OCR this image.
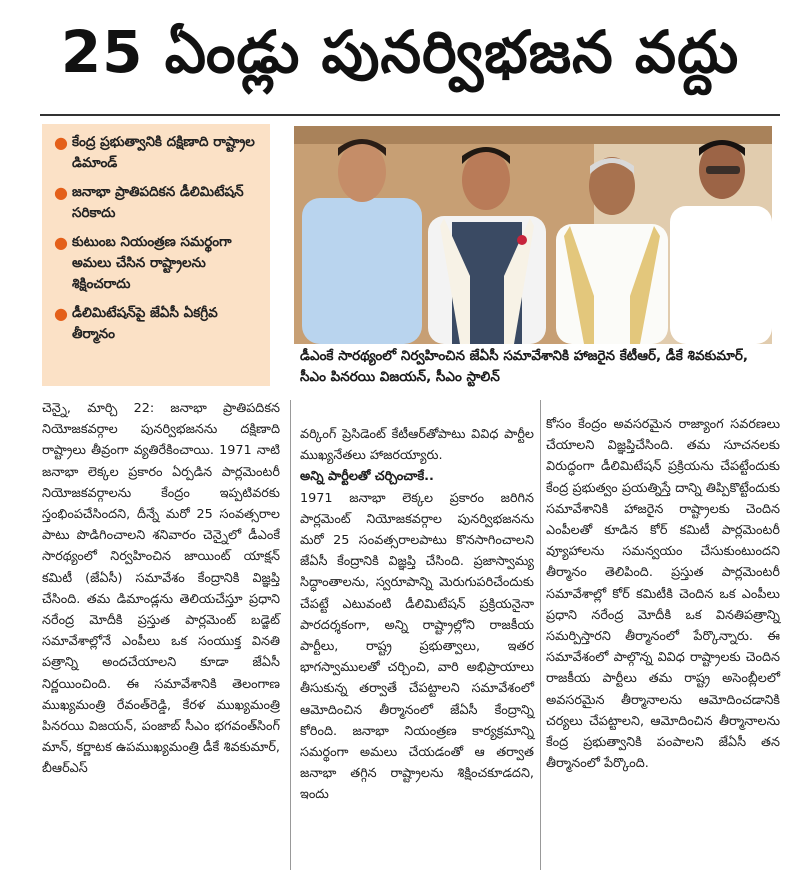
25 ఏండ్లు పునర్విభజన వద్దు
● కేంద్ర ప్రభుత్వానికి దక్షిణాది రాష్ట్రాల డిమాండ్
● జనాభా ప్రాతిపదికన డీలిమిటేషన్ సరికాదు
● కుటుంబ నియంత్రణ సమర్థంగా అమలు చేసిన రాష్ట్రాలను శిక్షించరాదు
● డీలిమిటేషన్‌పై జేఏసీ ఏకగ్రీవ తీర్మానం
డీఎంకే సారథ్యంలో నిర్వహించిన జేఏసీ సమావేశానికి హాజరైన కేటీఆర్, డీకే శివకుమార్, సీఎం పినరయి విజయన్, సీఎం స్టాలిన్

చెన్నై, మార్చి 22: జనాభా ప్రాతిపదికన నియోజకవర్గాల పునర్విభజనను దక్షిణాది రాష్ట్రాలు తీవ్రంగా వ్యతిరేకించాయి. 1971 నాటి జనాభా లెక్కల ప్రకారం ఏర్పడిన పార్లమెంటరీ నియోజకవర్గాలను కేంద్రం ఇప్పటివరకు స్తంభింపచేసిందని, దీన్నే మరో 25 సంవత్సరాల పాటు పొడిగించాలని శనివారం చెన్నైలో డీఎంకే సారథ్యంలో నిర్వహించిన జాయింట్ యాక్షన్ కమిటీ (జేఏసీ) సమావేశం కేంద్రానికి విజ్ఞప్తి చేసింది. తమ డిమాండ్లను తెలియచేస్తూ ప్రధాని నరేంద్ర మోదీకి ప్రస్తుత పార్లమెంట్ బడ్జెట్ సమావేశాల్లోనే ఎంపీలు ఒక సంయుక్త వినతి పత్రాన్ని అందచేయాలని కూడా జేఏసీ నిర్ణయించింది. ఈ సమావేశానికి తెలంగాణ ముఖ్యమంత్రి రేవంత్‌రెడ్డి, కేరళ ముఖ్యమంత్రి పినరయి విజయన్, పంజాబ్ సీఎం భగవంత్‌సింగ్ మాన్, కర్ణాటక ఉపముఖ్యమంత్రి డీకే శివకుమార్, బీఆర్‌ఎస్

వర్కింగ్ ప్రెసిడెంట్ కేటీఆర్‌తోపాటు వివిధ పార్టీల ముఖ్యనేతలు హాజరయ్యారు.

అన్ని పార్టీలతో చర్చించాకే..

1971 జనాభా లెక్కల ప్రకారం జరిగిన పార్లమెంట్ నియోజకవర్గాల పునర్విభజనను మరో 25 సంవత్సరాలపాటు కొనసాగించాలని జేఏసీ కేంద్రానికి విజ్ఞప్తి చేసింది. ప్రజాస్వామ్య సిద్ధాంతాలను, స్వరూపాన్ని మెరుగుపరిచేందుకు చేపట్టే ఎటువంటి డీలిమిటేషన్ ప్రక్రియనైనా పారదర్శకంగా, అన్ని రాష్ట్రాల్లోని రాజకీయ పార్టీలు, రాష్ట్ర ప్రభుత్వాలు, ఇతర భాగస్వాములతో చర్చించి, వారి అభిప్రాయాలు తీసుకున్న తర్వాతే చేపట్టాలని సమావేశంలో ఆమోదించిన తీర్మానంలో జేఏసీ కేంద్రాన్ని కోరింది. జనాభా నియంత్రణ కార్యక్రమాన్ని సమర్థంగా అమలు చేయడంతో ఆ తర్వాత జనాభా తగ్గిన రాష్ట్రాలను శిక్షించకూడదని, ఇందు

కోసం కేంద్రం అవసరమైన రాజ్యాంగ సవరణలు చేయాలని విజ్ఞప్తిచేసింది. తమ సూచనలకు విరుద్ధంగా డీలిమిటేషన్ ప్రక్రియను చేపట్టేందుకు కేంద్ర ప్రభుత్వం ప్రయత్నిస్తే దాన్ని తిప్పికొట్టేందుకు సమావేశానికి హాజరైన రాష్ట్రాలకు చెందిన ఎంపీలతో కూడిన కోర్ కమిటీ పార్లమెంటరీ వ్యూహాలను సమన్వయం చేసుకుంటుందని తీర్మానం తెలిపింది. ప్రస్తుత పార్లమెంటరీ సమావేశాల్లో కోర్ కమిటీకి చెందిన ఒక ఎంపీలు ప్రధాని నరేంద్ర మోదీకి ఒక వినతిపత్రాన్ని సమర్పిస్తారని తీర్మానంలో పేర్కొన్నారు. ఈ సమావేశంలో పాల్గొన్న వివిధ రాష్ట్రాలకు చెందిన రాజకీయ పార్టీలు తమ రాష్ట్ర అసెంబ్లీలలో అవసరమైన తీర్మానాలను ఆమోదించడానికి చర్యలు చేపట్టాలని, ఆమోదించిన తీర్మానాలను కేంద్ర ప్రభుత్వానికి పంపాలని జేఏసీ తన తీర్మానంలో పేర్కొంది.
